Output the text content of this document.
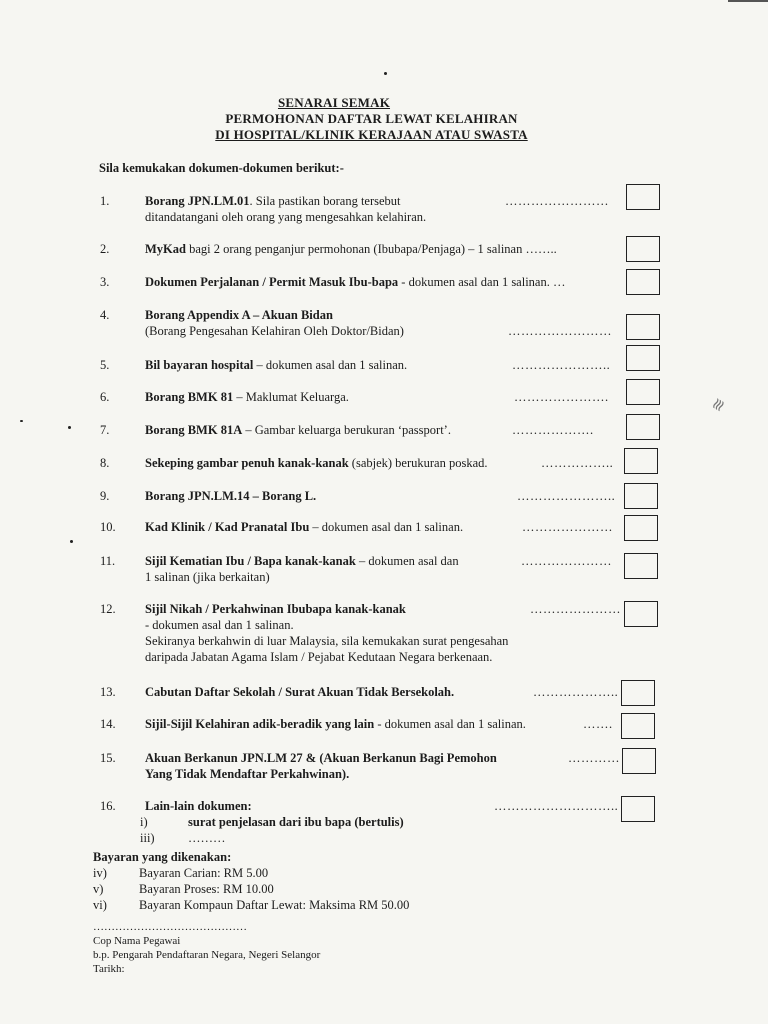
≋
SENARAI SEMAK
PERMOHONAN DAFTAR LEWAT KELAHIRAN
DI HOSPITAL/KLINIK KERAJAAN ATAU SWASTA
Sila kemukakan dokumen-dokumen berikut:-
1.	Borang JPN.LM.01. Sila pastikan borang tersebut
ditandatangani oleh orang yang mengesahkan kelahiran.
……………………
2.	MyKad bagi 2 orang penganjur permohonan (Ibubapa/Penjaga) – 1 salinan ……..
3.	Dokumen Perjalanan / Permit Masuk Ibu-bapa - dokumen asal dan 1 salinan. …
4.	Borang Appendix A – Akuan Bidan
(Borang Pengesahan Kelahiran Oleh Doktor/Bidan)	……………………
5.	Bil bayaran hospital – dokumen asal dan 1 salinan.	…………………..
6.	Borang BMK 81 – Maklumat Keluarga.	………………….
7.	Borang BMK 81A – Gambar keluarga berukuran ‘passport’.	……………….
8.	Sekeping gambar penuh kanak-kanak (sabjek) berukuran poskad.	……………..
9.	Borang JPN.LM.14 – Borang L.	…………………..
10. Kad Klinik / Kad Pranatal Ibu – dokumen asal dan 1 salinan.	…………………
11. Sijil Kematian Ibu / Bapa kanak-kanak – dokumen asal dan
1 salinan (jika berkaitan)
…………………
12. Sijil Nikah / Perkahwinan Ibubapa kanak-kanak
- dokumen asal dan 1 salinan.
Sekiranya berkahwin di luar Malaysia, sila kemukakan surat pengesahan
daripada Jabatan Agama Islam / Pejabat Kedutaan Negara berkenaan.
…………………
13. Cabutan Daftar Sekolah / Surat Akuan Tidak Bersekolah.	………………..
14. Sijil-Sijil Kelahiran adik-beradik yang lain - dokumen asal dan 1 salinan.	…….
15. Akuan Berkanun JPN.LM 27 & (Akuan Berkanun Bagi Pemohon
Yang Tidak Mendaftar Perkahwinan).
…………
16. Lain-lain dokumen:	………………………..
i)	surat penjelasan dari ibu bapa (bertulis)
iii)	………
Bayaran yang dikenakan:
iv)	Bayaran Carian: RM 5.00
v)	Bayaran Proses: RM 10.00
vi)	Bayaran Kompaun Daftar Lewat: Maksima RM 50.00
……………………………………
Cop Nama Pegawai
b.p. Pengarah Pendaftaran Negara, Negeri Selangor
Tarikh:
